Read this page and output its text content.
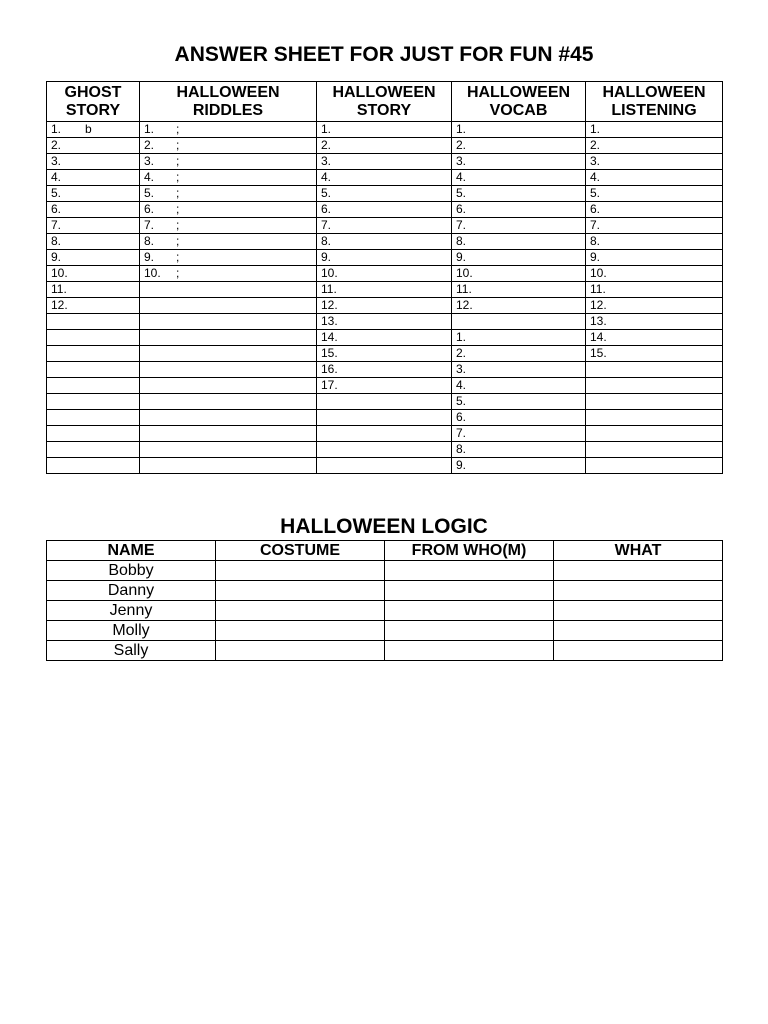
ANSWER SHEET FOR JUST FOR FUN #45
GHOST STORY	HALLOWEEN RIDDLES	HALLOWEEN STORY	HALLOWEEN VOCAB	HALLOWEEN LISTENING
1. b	1. ;	1.	1.	1.
2.	2. ;	2.	2.	2.
3.	3. ;	3.	3.	3.
4.	4. ;	4.	4.	4.
5.	5. ;	5.	5.	5.
6.	6. ;	6.	6.	6.
7.	7. ;	7.	7.	7.
8.	8. ;	8.	8.	8.
9.	9. ;	9.	9.	9.
10.	10. ;	10.	10.	10.
11.		11.	11.	11.
12.		12.	12.	12.
		13.		13.
		14.	1.	14.
		15.	2.	15.
		16.	3.	
		17.	4.	
			5.	
			6.	
			7.	
			8.	
			9.	
HALLOWEEN LOGIC
NAME	COSTUME	FROM WHO(M)	WHAT
Bobby			
Danny			
Jenny			
Molly			
Sally			
